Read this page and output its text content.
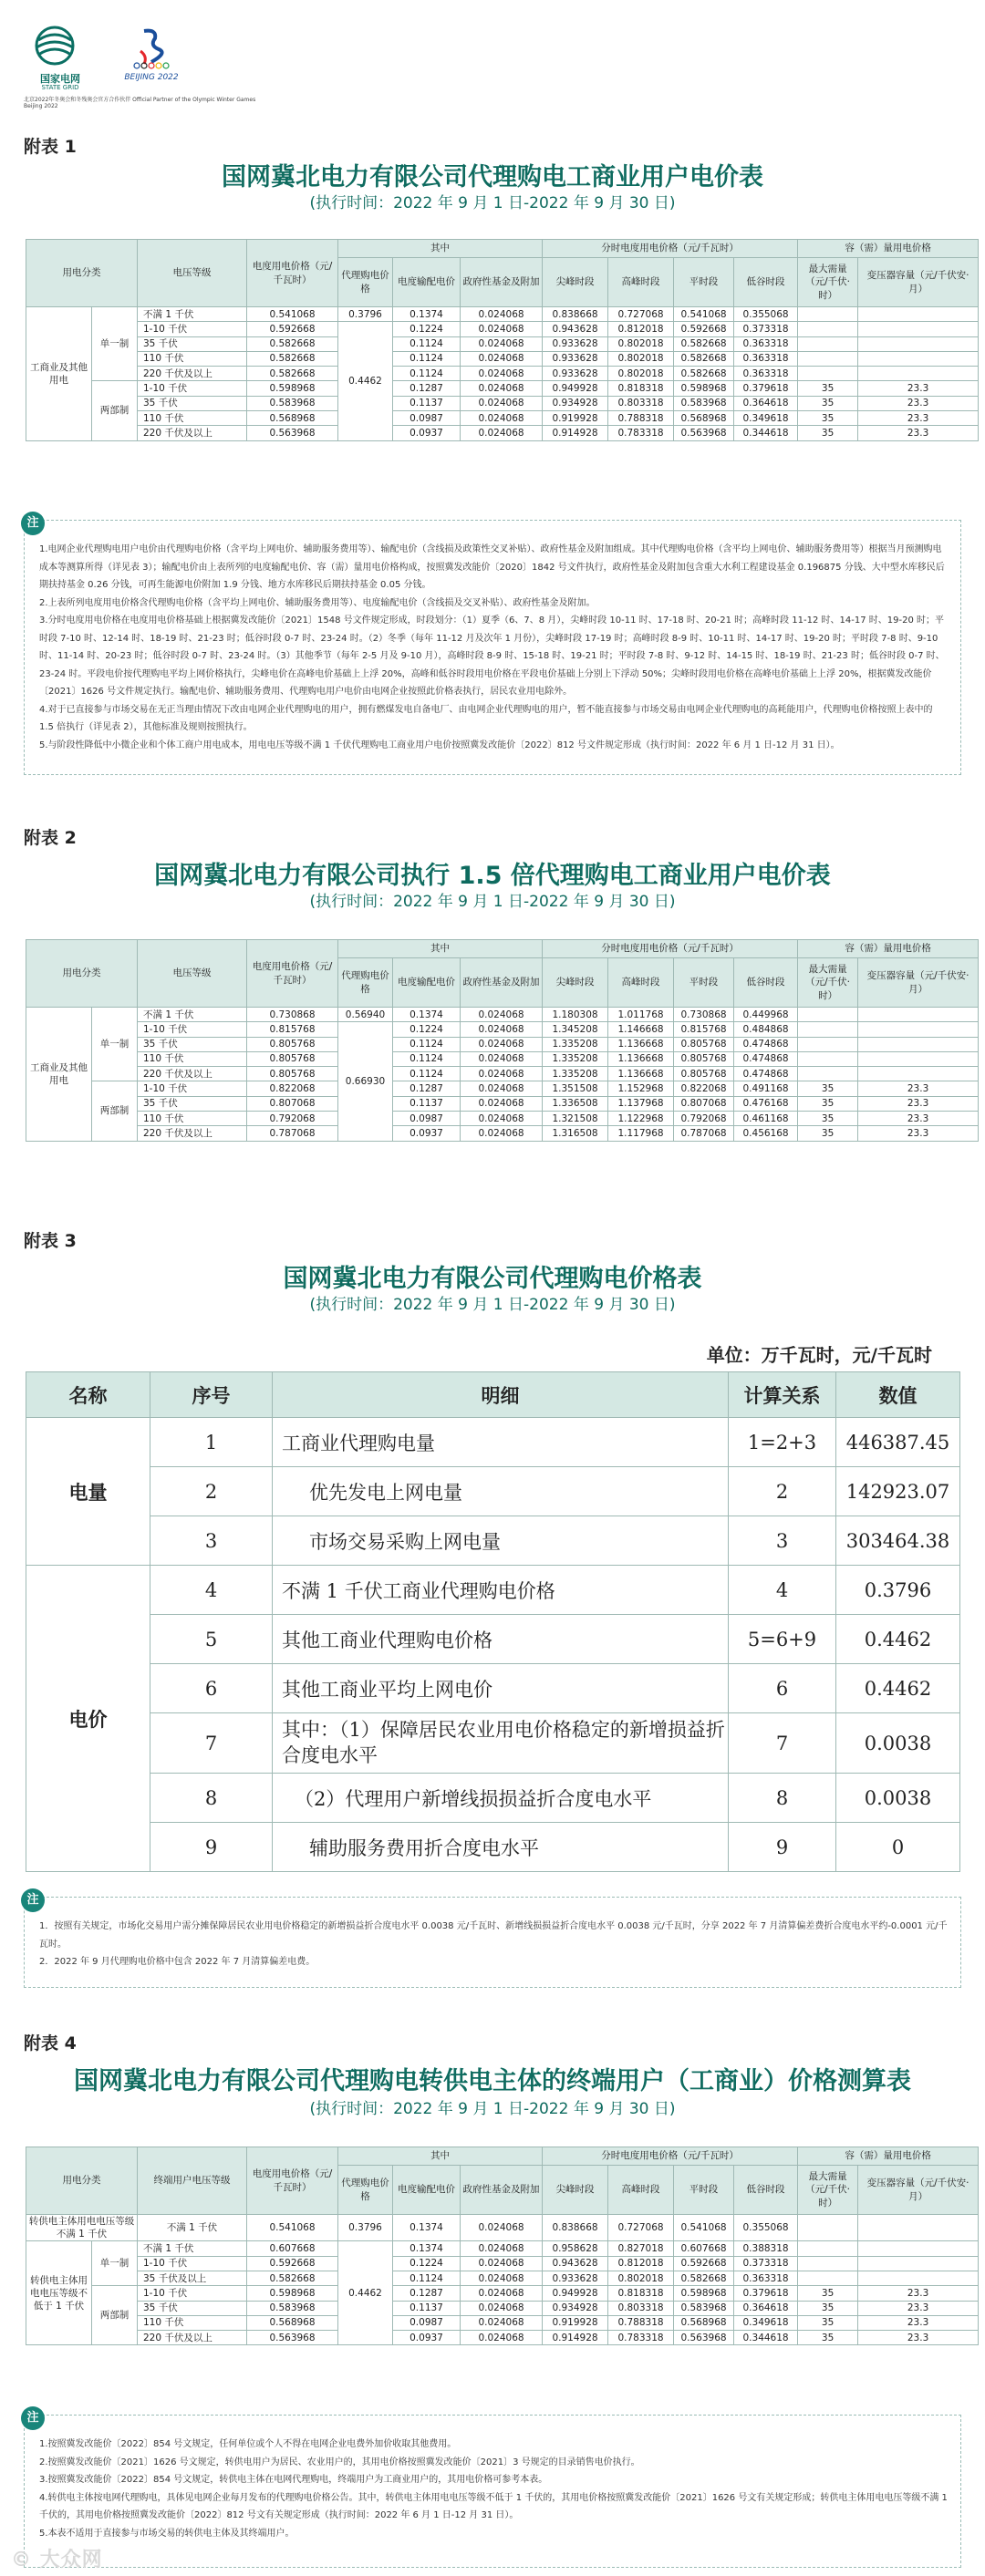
国家电网
STATE GRID
BEIJING 2022
北京2022年冬奥会和冬残奥会官方合作伙伴 Official Partner of the Olympic Winter Games Beijing 2022
附表 1
国网冀北电力有限公司代理购电工商业用户电价表
(执行时间：2022 年 9 月 1 日-2022 年 9 月 30 日)
用电分类		电压等级	电度用电价格（元/千瓦时）	其中			分时电度用电价格（元/千瓦时）				容（需）量用电价格	
				代理购电价格	电度输配电价	政府性基金及附加	尖峰时段	高峰时段	平时段	低谷时段	最大需量（元/千伏·时）	变压器容量（元/千伏安·月）
工商业及其他用电	单一制	不满 1 千伏	0.541068	0.3796	0.1374	0.024068	0.838668	0.727068	0.541068	0.355068		
		1-10 千伏	0.592668	0.4462	0.1224	0.024068	0.943628	0.812018	0.592668	0.373318		
		35 千伏	0.582668		0.1124	0.024068	0.933628	0.802018	0.582668	0.363318		
		110 千伏	0.582668		0.1124	0.024068	0.933628	0.802018	0.582668	0.363318		
		220 千伏及以上	0.582668		0.1124	0.024068	0.933628	0.802018	0.582668	0.363318		
	两部制	1-10 千伏	0.598968		0.1287	0.024068	0.949928	0.818318	0.598968	0.379618	35	23.3
		35 千伏	0.583968		0.1137	0.024068	0.934928	0.803318	0.583968	0.364618	35	23.3
		110 千伏	0.568968		0.0987	0.024068	0.919928	0.788318	0.568968	0.349618	35	23.3
		220 千伏及以上	0.563968		0.0937	0.024068	0.914928	0.783318	0.563968	0.344618	35	23.3
注

1.电网企业代理购电用户电价由代理购电价格（含平均上网电价、辅助服务费用等）、输配电价（含线损及政策性交叉补贴）、政府性基金及附加组成。其中代理购电价格（含平均上网电价、辅助服务费用等）根据当月预测购电成本等测算所得（详见表 3）；输配电价由上表所列的电度输配电价、容（需）量用电价格构成，按照冀发改能价〔2020〕1842 号文件执行，政府性基金及附加包含重大水利工程建设基金 0.196875 分钱、大中型水库移民后期扶持基金 0.26 分钱，可再生能源电价附加 1.9 分钱、地方水库移民后期扶持基金 0.05 分钱。

2.上表所列电度用电价格含代理购电价格（含平均上网电价、辅助服务费用等）、电度输配电价（含线损及交叉补贴）、政府性基金及附加。

3.分时电度用电价格在电度用电价格基础上根据冀发改能价〔2021〕1548 号文件规定形成，时段划分：（1）夏季（6、7、8 月），尖峰时段 10-11 时、17-18 时、20-21 时；高峰时段 11-12 时、14-17 时、19-20 时；平时段 7-10 时、12-14 时、18-19 时、21-23 时；低谷时段 0-7 时、23-24 时。（2）冬季（每年 11-12 月及次年 1 月份），尖峰时段 17-19 时；高峰时段 8-9 时、10-11 时、14-17 时、19-20 时；平时段 7-8 时、9-10 时、11-14 时、20-23 时；低谷时段 0-7 时、23-24 时。（3）其他季节（每年 2-5 月及 9-10 月），高峰时段 8-9 时、15-18 时、19-21 时；平时段 7-8 时、9-12 时、14-15 时、18-19 时、21-23 时；低谷时段 0-7 时、23-24 时。平段电价按代理购电平均上网价格执行，尖峰电价在高峰电价基础上上浮 20%，高峰和低谷时段用电价格在平段电价基础上分别上下浮动 50%；尖峰时段用电价格在高峰电价基础上上浮 20%，根据冀发改能价〔2021〕1626 号文件规定执行。输配电价、辅助服务费用、代理购电用户电价由电网企业按照此价格表执行，居民农业用电除外。

4.对于已直接参与市场交易在无正当理由情况下改由电网企业代理购电的用户，拥有燃煤发电自备电厂、由电网企业代理购电的用户，暂不能直接参与市场交易由电网企业代理购电的高耗能用户，代理购电价格按照上表中的 1.5 倍执行（详见表 2），其他标准及规则按照执行。

5.与阶段性降低中小微企业和个体工商户用电成本，用电电压等级不满 1 千伏代理购电工商业用户电价按照冀发改能价〔2022〕812 号文件规定形成（执行时间：2022 年 6 月 1 日-12 月 31 日）。

附表 2
国网冀北电力有限公司执行 1.5 倍代理购电工商业用户电价表
(执行时间：2022 年 9 月 1 日-2022 年 9 月 30 日)
用电分类		电压等级	电度用电价格（元/千瓦时）	其中			分时电度用电价格（元/千瓦时）				容（需）量用电价格	
				代理购电价格	电度输配电价	政府性基金及附加	尖峰时段	高峰时段	平时段	低谷时段	最大需量（元/千伏·时）	变压器容量（元/千伏安·月）
工商业及其他用电	单一制	不满 1 千伏	0.730868	0.56940	0.1374	0.024068	1.180308	1.011768	0.730868	0.449968		
		1-10 千伏	0.815768	0.66930	0.1224	0.024068	1.345208	1.146668	0.815768	0.484868		
		35 千伏	0.805768		0.1124	0.024068	1.335208	1.136668	0.805768	0.474868		
		110 千伏	0.805768		0.1124	0.024068	1.335208	1.136668	0.805768	0.474868		
		220 千伏及以上	0.805768		0.1124	0.024068	1.335208	1.136668	0.805768	0.474868		
	两部制	1-10 千伏	0.822068		0.1287	0.024068	1.351508	1.152968	0.822068	0.491168	35	23.3
		35 千伏	0.807068		0.1137	0.024068	1.336508	1.137968	0.807068	0.476168	35	23.3
		110 千伏	0.792068		0.0987	0.024068	1.321508	1.122968	0.792068	0.461168	35	23.3
		220 千伏及以上	0.787068		0.0937	0.024068	1.316508	1.117968	0.787068	0.456168	35	23.3
附表 3
国网冀北电力有限公司代理购电价格表
(执行时间：2022 年 9 月 1 日-2022 年 9 月 30 日)
单位：万千瓦时，元/千瓦时
名称	序号	明细	计算关系	数值
电量	1	工商业代理购电量	1=2+3	446387.45
	2	优先发电上网电量	2	142923.07
	3	市场交易采购上网电量	3	303464.38
电价	4	不满 1 千伏工商业代理购电价格	4	0.3796
	5	其他工商业代理购电价格	5=6+9	0.4462
	6	其他工商业平均上网电价	6	0.4462
	7	其中：（1）保障居民农业用电价格稳定的新增损益折合度电水平	7	0.0038
	8	（2）代理用户新增线损损益折合度电水平	8	0.0038
	9	辅助服务费用折合度电水平	9	0
注

1．按照有关规定，市场化交易用户需分摊保障居民农业用电价格稳定的新增损益折合度电水平 0.0038 元/千瓦时、新增线损损益折合度电水平 0.0038 元/千瓦时，分享 2022 年 7 月清算偏差费折合度电水平约-0.0001 元/千瓦时。

2．2022 年 9 月代理购电价格中包含 2022 年 7 月清算偏差电费。

附表 4
国网冀北电力有限公司代理购电转供电主体的终端用户（工商业）价格测算表
(执行时间：2022 年 9 月 1 日-2022 年 9 月 30 日)
用电分类		终端用户电压等级	电度用电价格（元/千瓦时）	其中			分时电度用电价格（元/千瓦时）				容（需）量用电价格	
				代理购电价格	电度输配电价	政府性基金及附加	尖峰时段	高峰时段	平时段	低谷时段	最大需量（元/千伏·时）	变压器容量（元/千伏安·月）
转供电主体用电电压等级不满 1 千伏		不满 1 千伏	0.541068	0.3796	0.1374	0.024068	0.838668	0.727068	0.541068	0.355068		
转供电主体用电电压等级不低于 1 千伏	单一制	不满 1 千伏	0.607668	0.4462	0.1374	0.024068	0.958628	0.827018	0.607668	0.388318		
		1-10 千伏	0.592668		0.1224	0.024068	0.943628	0.812018	0.592668	0.373318		
		35 千伏及以上	0.582668		0.1124	0.024068	0.933628	0.802018	0.582668	0.363318		
	两部制	1-10 千伏	0.598968		0.1287	0.024068	0.949928	0.818318	0.598968	0.379618	35	23.3
		35 千伏	0.583968		0.1137	0.024068	0.934928	0.803318	0.583968	0.364618	35	23.3
		110 千伏	0.568968		0.0987	0.024068	0.919928	0.788318	0.568968	0.349618	35	23.3
		220 千伏及以上	0.563968		0.0937	0.024068	0.914928	0.783318	0.563968	0.344618	35	23.3
注

1.按照冀发改能价〔2022〕854 号文规定，任何单位或个人不得在电网企业电费外加价收取其他费用。

2.按照冀发改能价〔2021〕1626 号文规定，转供电用户为居民、农业用户的，其用电价格按照冀发改能价〔2021〕3 号规定的目录销售电价执行。

3.按照冀发改能价〔2022〕854 号文规定，转供电主体在电网代理购电，终端用户为工商业用户的，其用电价格可参考本表。

4.转供电主体按电网代理购电，具体见电网企业每月发布的代理购电价格公告。其中，转供电主体用电电压等级不低于 1 千伏的，其用电价格按照冀发改能价〔2021〕1626 号文有关规定形成；转供电主体用电电压等级不满 1 千伏的，其用电价格按照冀发改能价〔2022〕812 号文有关规定形成（执行时间：2022 年 6 月 1 日-12 月 31 日）。

5.本表不适用于直接参与市场交易的转供电主体及其终端用户。

© 大众网
